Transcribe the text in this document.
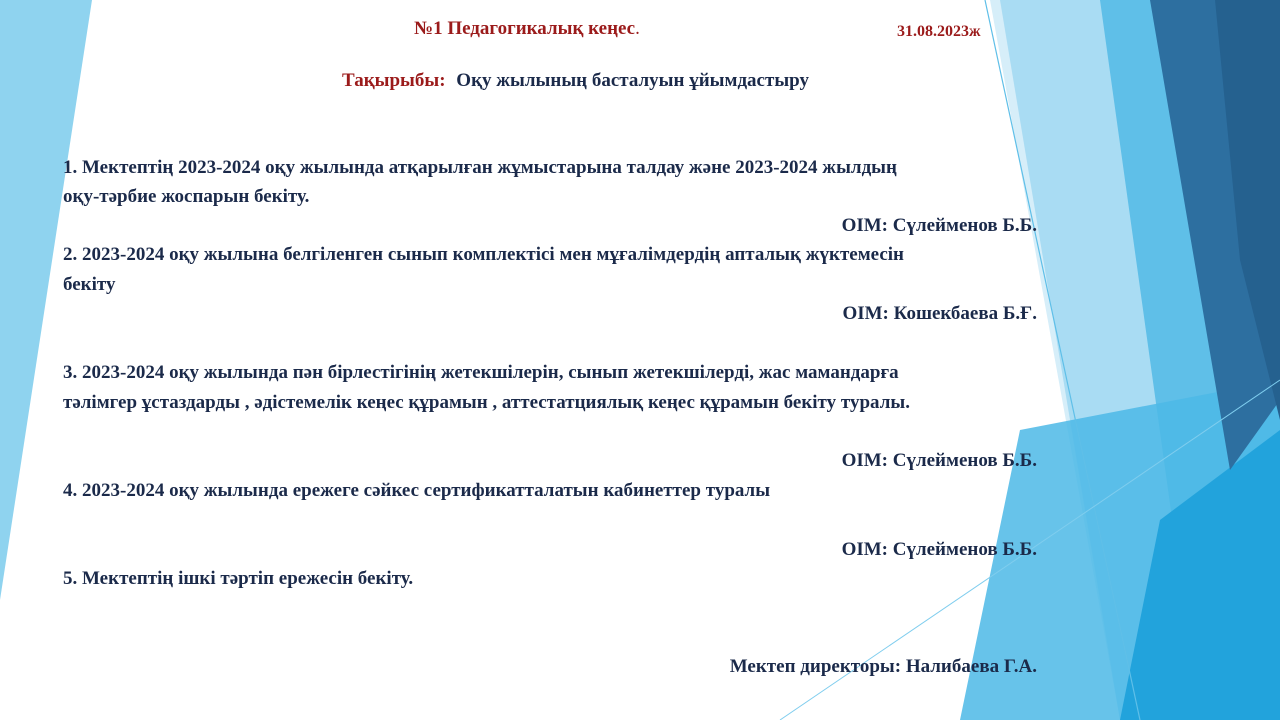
№1 Педагогикалық кеңес.	31.08.2023ж
Тақырыбы: Оқу жылының басталуын ұйымдастыру
1. Мектептің 2023-2024 оқу жылында атқарылған жұмыстарына талдау және 2023-2024 жылдың
оқу-тәрбие жоспарын бекіту.
ОІМ: Сүлейменов Б.Б.
2. 2023-2024 оқу жылына белгіленген сынып комплектісі мен мұғалімдердің апталық жүктемесін
бекіту
ОІМ: Кошекбаева Б.Ғ.
3. 2023-2024 оқу жылында пән бірлестігінің жетекшілерін, сынып жетекшілерді, жас мамандарға
тәлімгер ұстаздарды , әдістемелік кеңес құрамын , аттестатциялық кеңес құрамын бекіту туралы.
ОІМ: Сүлейменов Б.Б.
4. 2023-2024 оқу жылында ережеге сәйкес сертификатталатын кабинеттер туралы
ОІМ: Сүлейменов Б.Б.
5. Мектептің ішкі тәртіп ережесін бекіту.
Мектеп директоры: Налибаева Г.А.
